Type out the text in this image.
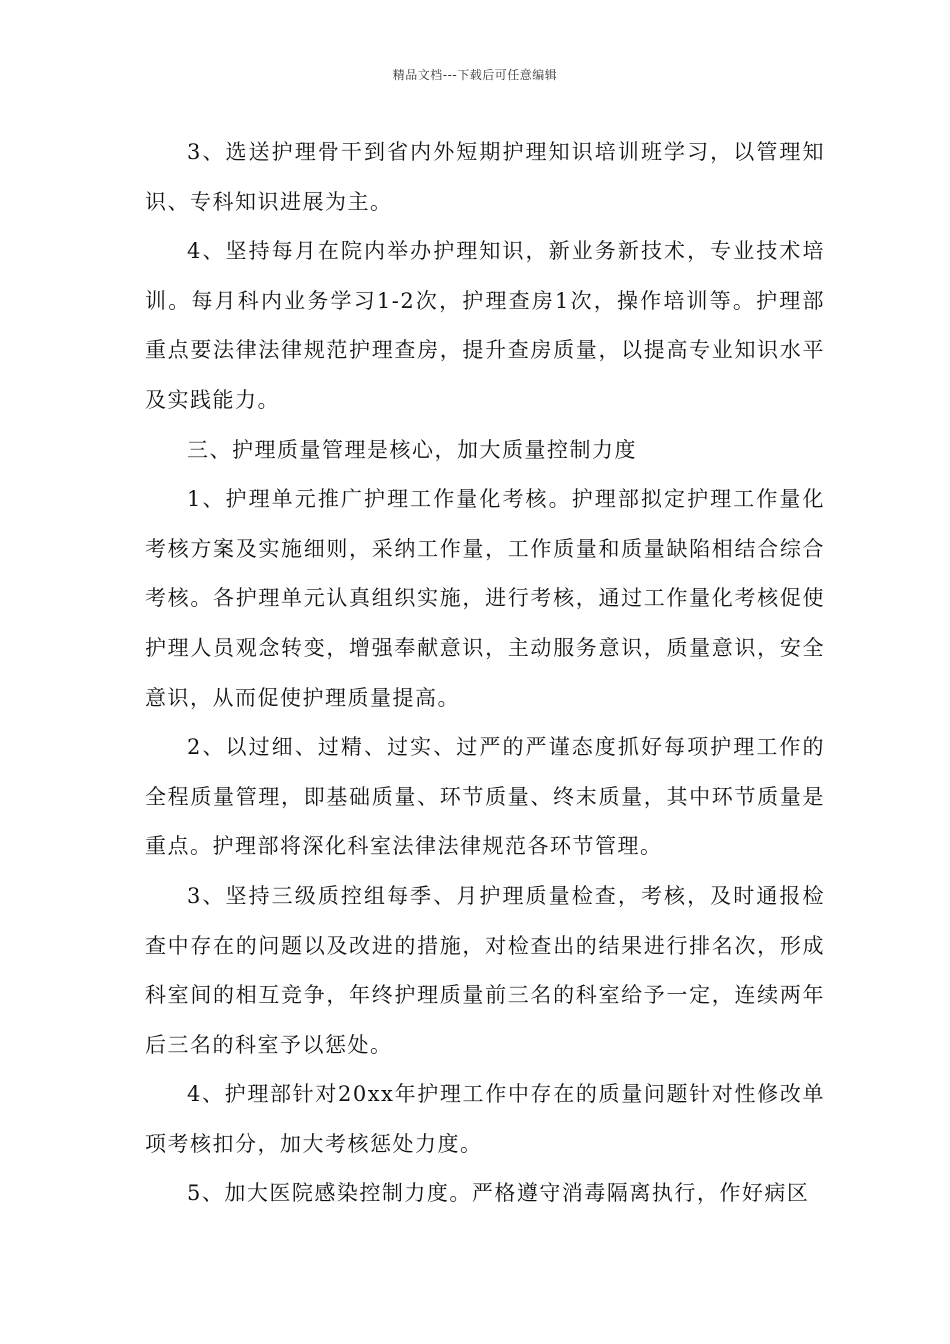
精品文档---下载后可任意编辑

3、选送护理骨干到省内外短期护理知识培训班学习，以管理知识、专科知识进展为主。

4、坚持每月在院内举办护理知识，新业务新技术，专业技术培训。每月科内业务学习1-2次，护理查房1次，操作培训等。护理部重点要法律法律规范护理查房，提升查房质量，以提高专业知识水平及实践能力。

三、护理质量管理是核心，加大质量控制力度

1、护理单元推广护理工作量化考核。护理部拟定护理工作量化考核方案及实施细则，采纳工作量，工作质量和质量缺陷相结合综合考核。各护理单元认真组织实施，进行考核，通过工作量化考核促使护理人员观念转变，增强奉献意识，主动服务意识，质量意识，安全意识，从而促使护理质量提高。

2、以过细、过精、过实、过严的严谨态度抓好每项护理工作的全程质量管理，即基础质量、环节质量、终末质量，其中环节质量是重点。护理部将深化科室法律法律规范各环节管理。

3、坚持三级质控组每季、月护理质量检查，考核，及时通报检查中存在的问题以及改进的措施，对检查出的结果进行排名次，形成科室间的相互竞争，年终护理质量前三名的科室给予一定，连续两年后三名的科室予以惩处。

4、护理部针对20xx年护理工作中存在的质量问题针对性修改单项考核扣分，加大考核惩处力度。

5、加大医院感染控制力度。严格遵守消毒隔离执行，作好病区
